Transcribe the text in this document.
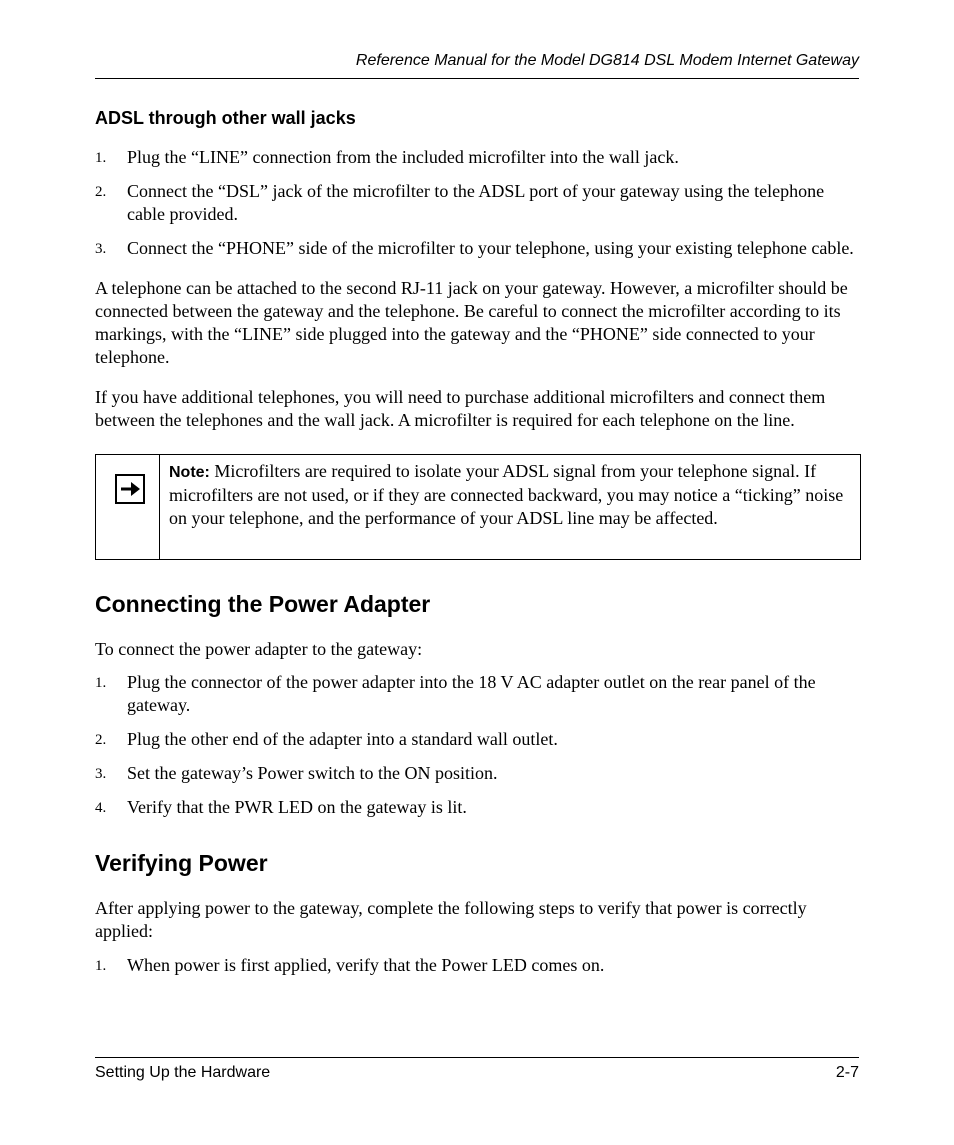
Reference Manual for the Model DG814 DSL Modem Internet Gateway
ADSL through other wall jacks
1. Plug the “LINE” connection from the included microfilter into the wall jack.
2. Connect the “DSL” jack of the microfilter to the ADSL port of your gateway using the telephone cable provided.
3. Connect the “PHONE” side of the microfilter to your telephone, using your existing telephone cable.

A telephone can be attached to the second RJ-11 jack on your gateway. However, a microfilter should be connected between the gateway and the telephone. Be careful to connect the microfilter according to its markings, with the “LINE” side plugged into the gateway and the “PHONE” side connected to your telephone.

If you have additional telephones, you will need to purchase additional microfilters and connect them between the telephones and the wall jack. A microfilter is required for each telephone on the line.

Note: Microfilters are required to isolate your ADSL signal from your telephone signal. If microfilters are not used, or if they are connected backward, you may notice a “ticking” noise on your telephone, and the performance of your ADSL line may be affected.
Connecting the Power Adapter

To connect the power adapter to the gateway:

1. Plug the connector of the power adapter into the 18 V AC adapter outlet on the rear panel of the gateway.
2. Plug the other end of the adapter into a standard wall outlet.
3. Set the gateway’s Power switch to the ON position.
4. Verify that the PWR LED on the gateway is lit.
Verifying Power

After applying power to the gateway, complete the following steps to verify that power is correctly applied:

1. When power is first applied, verify that the Power LED comes on.
Setting Up the Hardware	2-7
